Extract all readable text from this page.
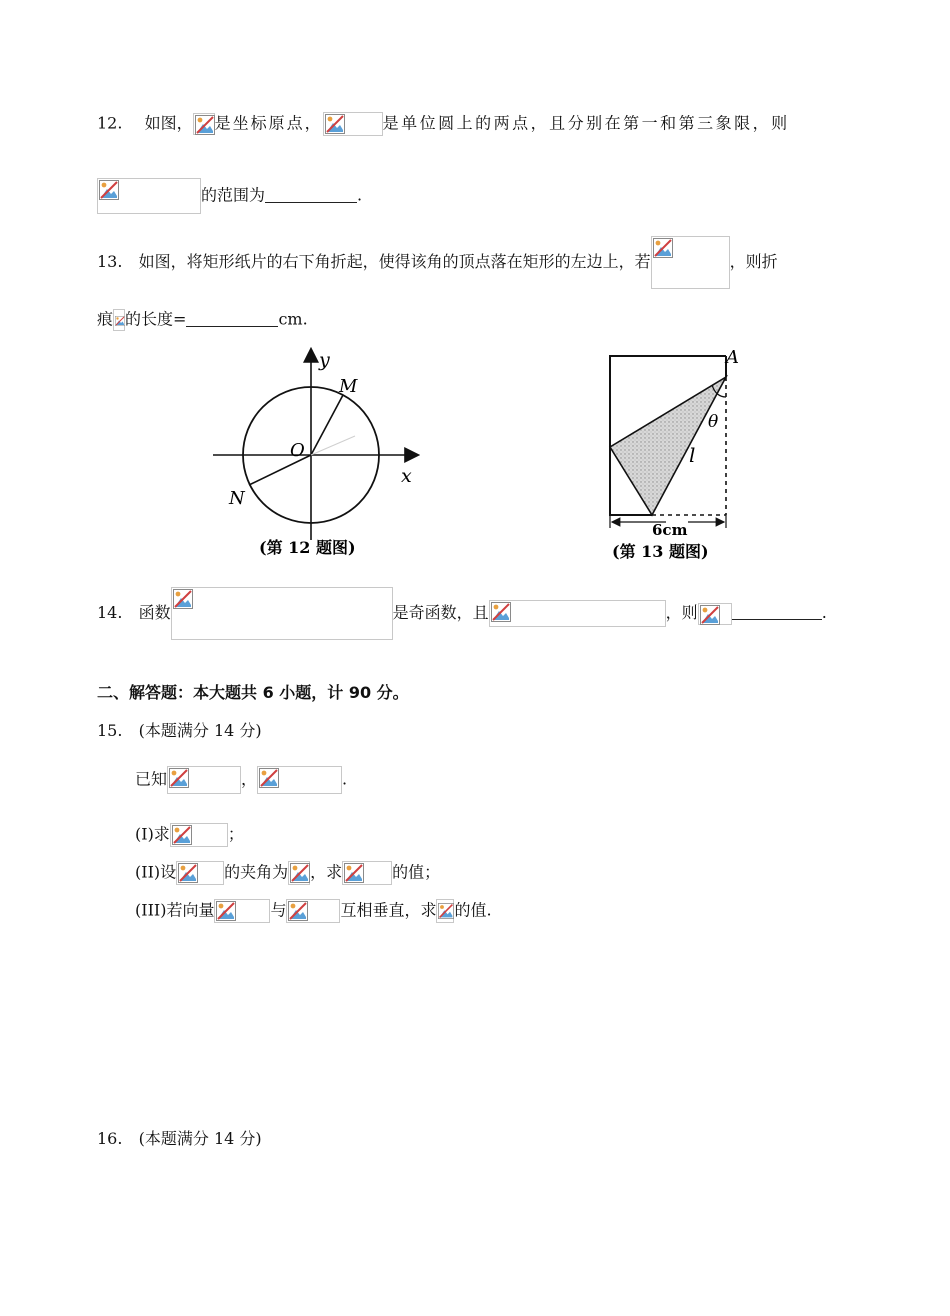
12. 如图， 是坐标原点，	是单位圆上的两点，且分别在第一和第三象限，则
的范围为	.
13. 如图，将矩形纸片的右下角折起，使得该角的顶点落在矩形的左边上，若	，则折
痕 的长度=	cm.
y
M
O
x
N
(第 12 题图)
A
θ
l
6cm
(第 13 题图)
14. 函数	是奇函数，且	，则	.
二、解答题：本大题共 6 小题，计 90 分。
15. (本题满分 14 分)
已知	，	.
(I)求	；
(II)设	的夹角为 ，求	的值；
(III)若向量	与	互相垂直，求 的值.
16. (本题满分 14 分)
